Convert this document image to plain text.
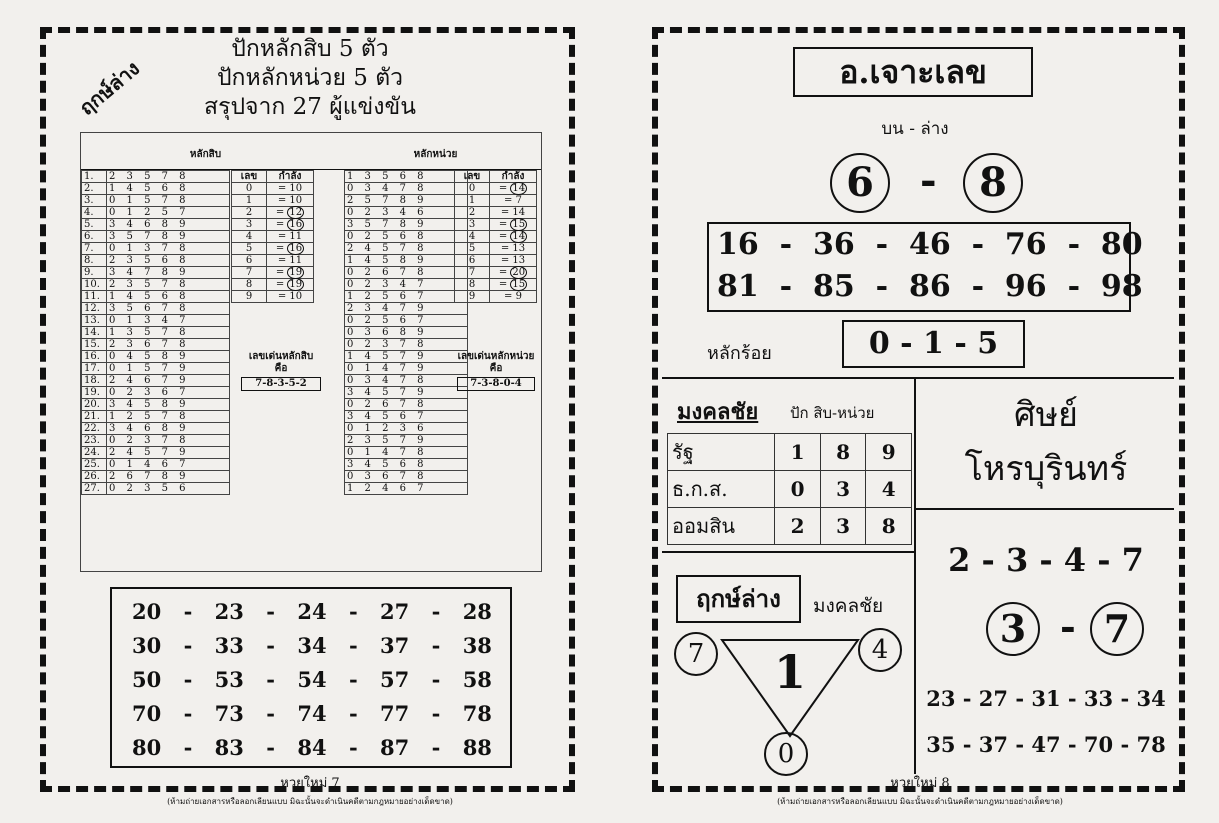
ฤกษ์ล่าง
ปักหลักสิบ 5 ตัว
ปักหลักหน่วย 5 ตัว
สรุปจาก 27 ผู้แข่งขัน
หลักสิบ	หลักหน่วย
1.	2 3 5 7 8		1 3 5 6 8
2.	1 4 5 6 8		0 3 4 7 8
3.	0 1 5 7 8		2 5 7 8 9
4.	0 1 2 5 7		0 2 3 4 6
5.	3 4 6 8 9		3 5 7 8 9
6.	3 5 7 8 9		0 2 5 6 8
7.	0 1 3 7 8		2 4 5 7 8
8.	2 3 5 6 8		1 4 5 8 9
9.	3 4 7 8 9		0 2 6 7 8
10.	2 3 5 7 8		0 2 3 4 7
11.	1 4 5 6 8		1 2 5 6 7
12.	3 5 6 7 8		2 3 4 7 9
13.	0 1 3 4 7		0 2 5 6 7
14.	1 3 5 7 8		0 3 6 8 9
15.	2 3 6 7 8		0 2 3 7 8
16.	0 4 5 8 9		1 4 5 7 9
17.	0 1 5 7 9		0 1 4 7 9
18.	2 4 6 7 9		0 3 4 7 8
19.	0 2 3 6 7		3 4 5 7 9
20.	3 4 5 8 9		0 2 6 7 8
21.	1 2 5 7 8		3 4 5 6 7
22.	3 4 6 8 9		0 1 2 3 6
23.	0 2 3 7 8		2 3 5 7 9
24.	2 4 5 7 9		0 1 4 7 8
25.	0 1 4 6 7		3 4 5 6 8
26.	2 6 7 8 9		0 3 6 7 8
27.	0 2 3 5 6		1 2 4 6 7
เลข	กำลัง
0	= 10
1	= 10
2	= 12
3	= 16
4	= 11
5	= 16
6	= 11
7	= 19
8	= 19
9	= 10
เลข	กำลัง
0	= 14
1	= 7
2	= 14
3	= 15
4	= 14
5	= 13
6	= 13
7	= 20
8	= 15
9	= 9
เลขเด่นหลักสิบ
คือ
7-8-3-5-2
เลขเด่นหลักหน่วย
คือ
7-3-8-0-4
20 - 23 - 24 - 27 - 28
30 - 33 - 34 - 37 - 38
50 - 53 - 54 - 57 - 58
70 - 73 - 74 - 77 - 78
80 - 83 - 84 - 87 - 88
หวยใหม่ 7
(ห้ามถ่ายเอกสารหรือลอกเลียนแบบ มิฉะนั้นจะดำเนินคดีตามกฎหมายอย่างเด็ดขาด)
อ.เจาะเลข
บน - ล่าง
6	-	8
16  -  36  -  46  -  76  -  80
81  -  85  -  86  -  96  -  98
หลักร้อย	0 - 1 - 5
มงคลชัย ปัก สิบ-หน่วย
รัฐ	1	8	9
ธ.ก.ส.	0	3	4
ออมสิน	2	3	8
ศิษย์
โหรบุรินทร์
2 - 3 - 4 - 7
3 - 7
23 - 27 - 31 - 33 - 34
35 - 37 - 47 - 70 - 78
ฤกษ์ล่าง	มงคลชัย
1
7	4
0
หวยใหม่ 8
(ห้ามถ่ายเอกสารหรือลอกเลียนแบบ มิฉะนั้นจะดำเนินคดีตามกฎหมายอย่างเด็ดขาด)
